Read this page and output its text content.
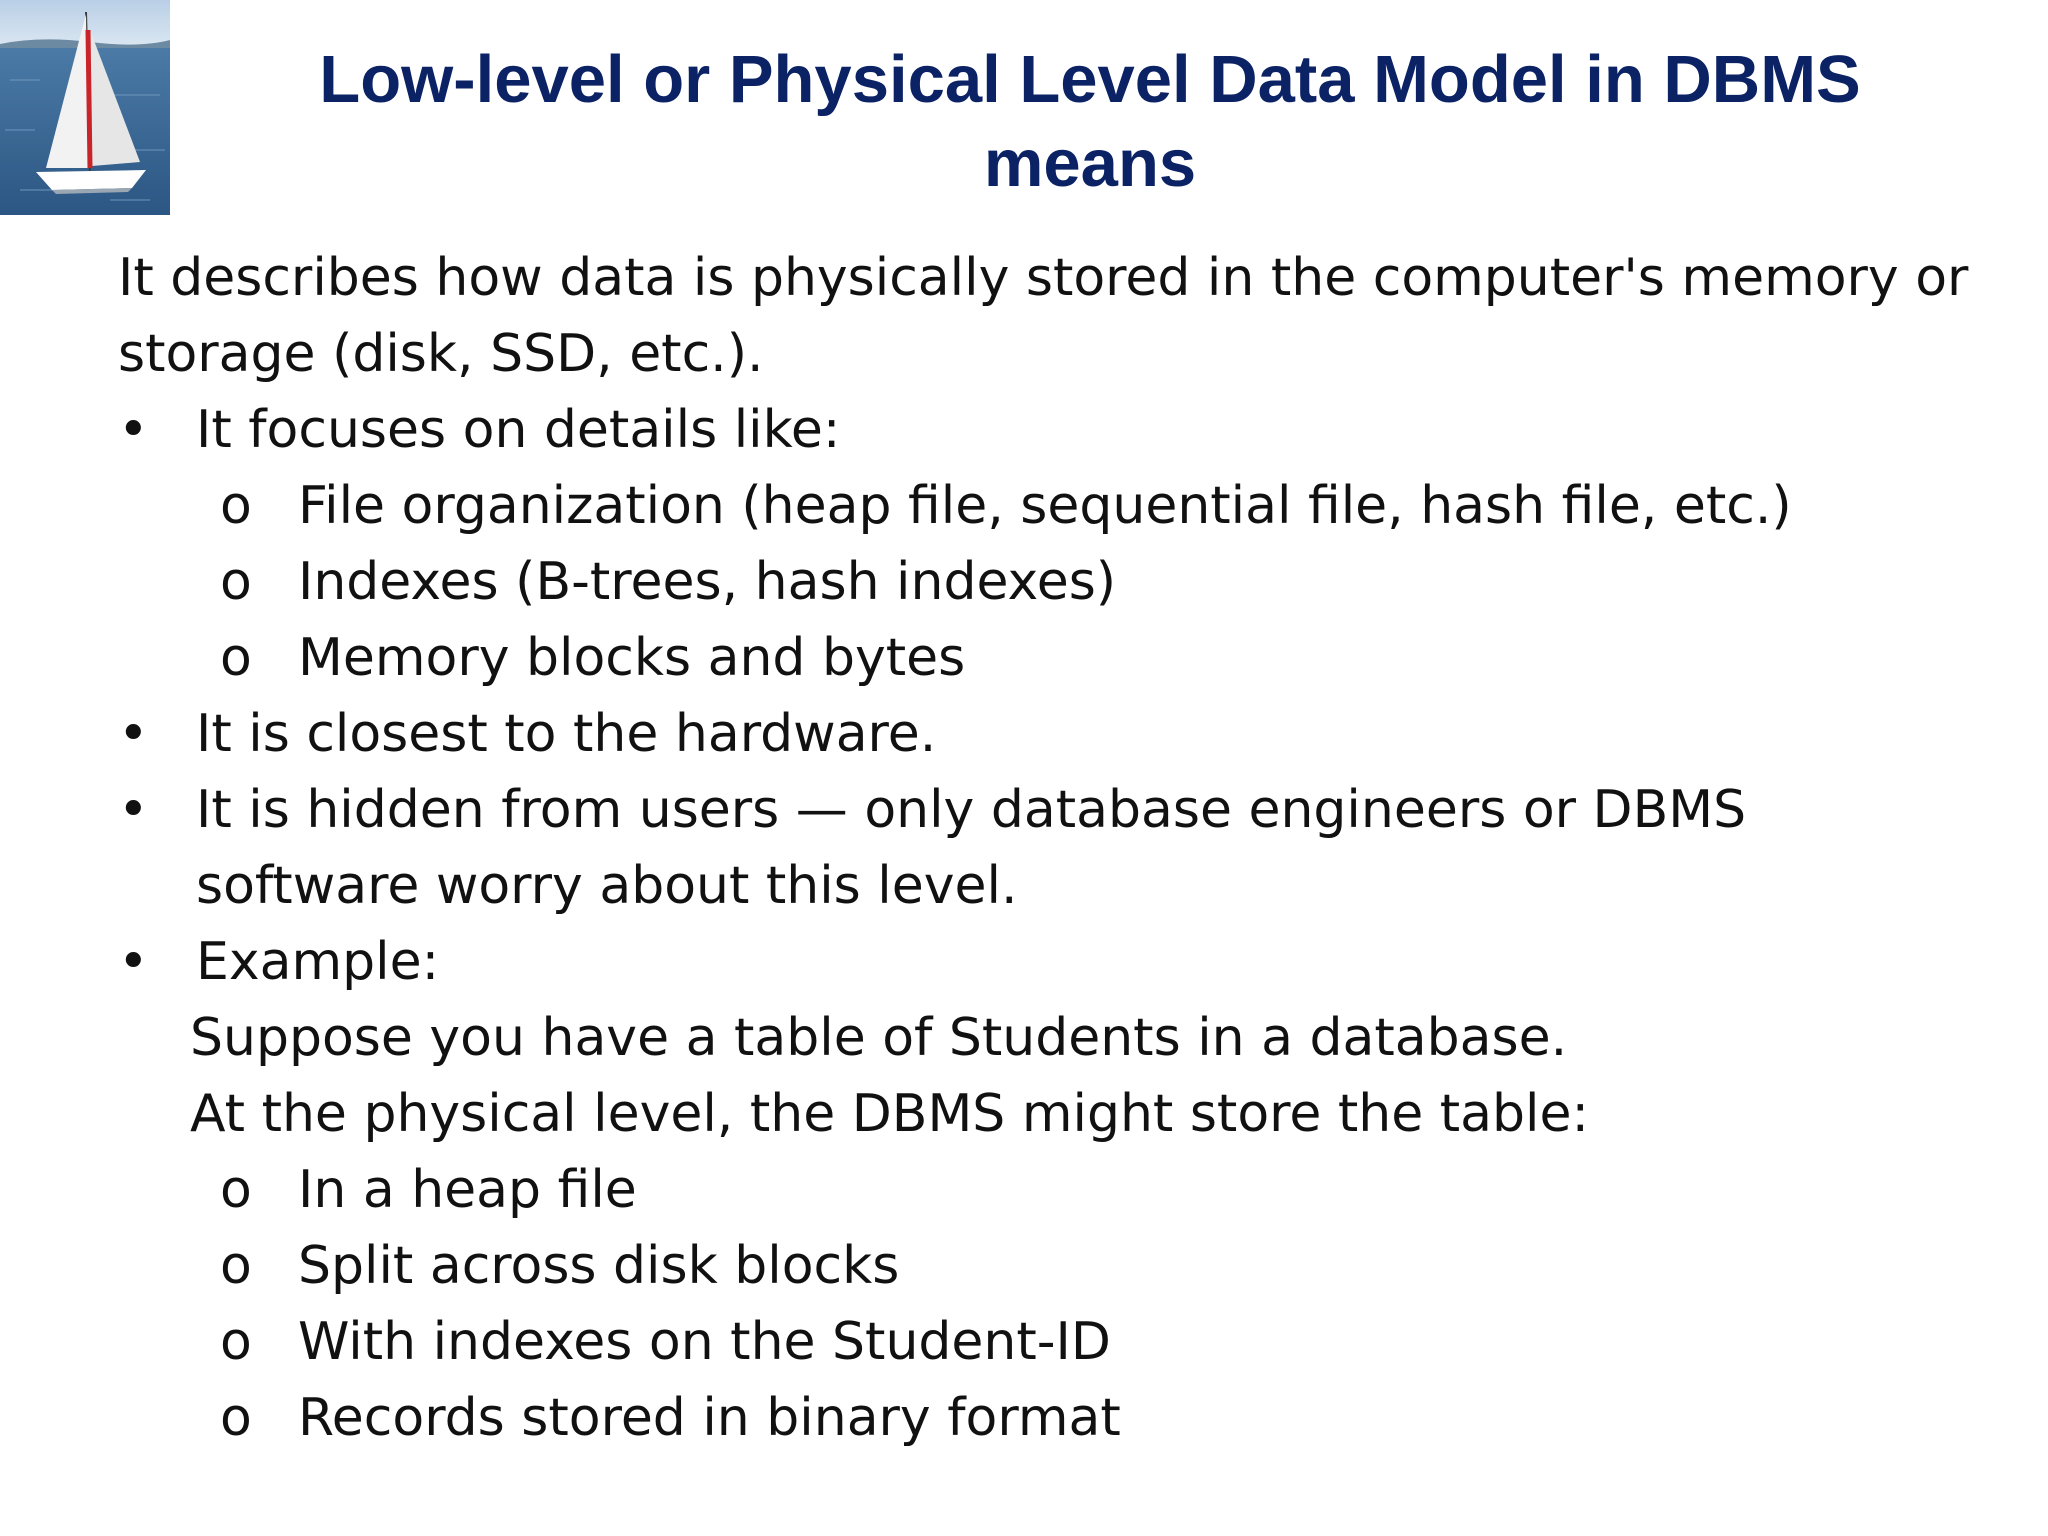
Low-level or Physical Level Data Model in DBMS
means

It describes how data is physically stored in the computer's memory or

storage (disk, SSD, etc.).

• It focuses on details like:
o File organization (heap file, sequential file, hash file, etc.)
o Indexes (B-trees, hash indexes)
o Memory blocks and bytes
• It is closest to the hardware.
• It is hidden from users — only database engineers or DBMS
software worry about this level.
• Example:
Suppose you have a table of Students in a database.
At the physical level, the DBMS might store the table:
o In a heap file
o Split across disk blocks
o With indexes on the Student-ID
o Records stored in binary format
